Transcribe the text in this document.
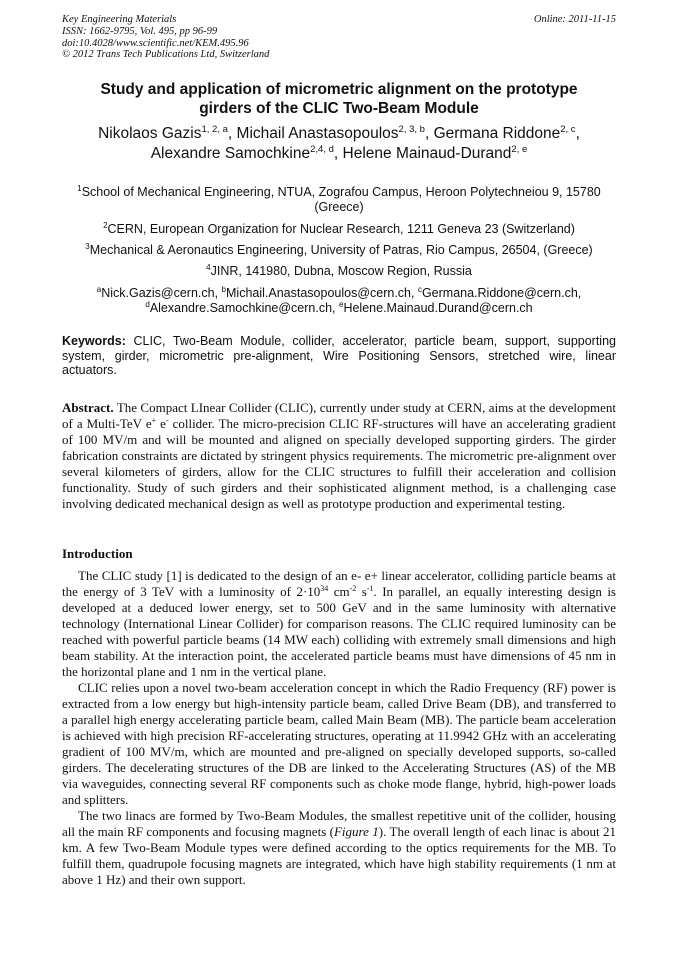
Key Engineering Materials
ISSN: 1662-9795, Vol. 495, pp 96-99
doi:10.4028/www.scientific.net/KEM.495.96
© 2012 Trans Tech Publications Ltd, Switzerland
Online: 2011-11-15
Study and application of micrometric alignment on the prototype
girders of the CLIC Two-Beam Module
Nikolaos Gazis$^{1, 2, a}$, Michail Anastasopoulos$^{2, 3, b}$, Germana Riddone$^{2, c}$,
Alexandre Samochkine$^{2,4, d}$, Helene Mainaud-Durand$^{2, e}$
$^1$School of Mechanical Engineering, NTUA, Zografou Campus, Heroon Polytechneiou 9, 15780 (Greece)
$^2$CERN, European Organization for Nuclear Research, 1211 Geneva 23 (Switzerland)
$^3$Mechanical & Aeronautics Engineering, University of Patras, Rio Campus, 26504, (Greece)
$^4$JINR, 141980, Dubna, Moscow Region, Russia
$^a$Nick.Gazis@cern.ch, $^b$Michail.Anastasopoulos@cern.ch, $^c$Germana.Riddone@cern.ch,
$^d$Alexandre.Samochkine@cern.ch, $^e$Helene.Mainaud.Durand@cern.ch
Keywords: CLIC, Two-Beam Module, collider, accelerator, particle beam, support, supporting system, girder, micrometric pre-alignment, Wire Positioning Sensors, stretched wire, linear actuators.
Abstract. The Compact LInear Collider (CLIC), currently under study at CERN, aims at the development of a Multi-TeV e+ e- collider. The micro-precision CLIC RF-structures will have an accelerating gradient of 100 MV/m and will be mounted and aligned on specially developed supporting girders. The girder fabrication constraints are dictated by stringent physics requirements. The micrometric pre-alignment over several kilometers of girders, allow for the CLIC structures to fulfill their acceleration and collision functionality. Study of such girders and their sophisticated alignment method, is a challenging case involving dedicated mechanical design as well as prototype production and experimental testing.
Introduction
The CLIC study [1] is dedicated to the design of an e- e+ linear accelerator, colliding particle beams at the energy of 3 TeV with a luminosity of $2\cdot 10^{34}$ $cm^{-2}$ $s^{-1}$. In parallel, an equally interesting design is developed at a deduced lower energy, set to 500 GeV and in the same luminosity with alternative technology (International Linear Collider) for comparison reasons. The CLIC required luminosity can be reached with powerful particle beams (14 MW each) colliding with extremely small dimensions and high beam stability. At the interaction point, the accelerated particle beams must have dimensions of 45 nm in the horizontal plane and 1 nm in the vertical plane.
CLIC relies upon a novel two-beam acceleration concept in which the Radio Frequency (RF) power is extracted from a low energy but high-intensity particle beam, called Drive Beam (DB), and transferred to a parallel high energy accelerating particle beam, called Main Beam (MB). The particle beam acceleration is achieved with high precision RF-accelerating structures, operating at 11.9942 GHz with an accelerating gradient of 100 MV/m, which are mounted and pre-aligned on specially developed supports, so-called girders. The decelerating structures of the DB are linked to the Accelerating Structures (AS) of the MB via waveguides, connecting several RF components such as choke mode flange, hybrid, high-power loads and splitters.
The two linacs are formed by Two-Beam Modules, the smallest repetitive unit of the collider, housing all the main RF components and focusing magnets (Figure 1). The overall length of each linac is about 21 km. A few Two-Beam Module types were defined according to the optics requirements for the MB. To fulfill them, quadrupole focusing magnets are integrated, which have high stability requirements (1 nm at above 1 Hz) and their own support.
